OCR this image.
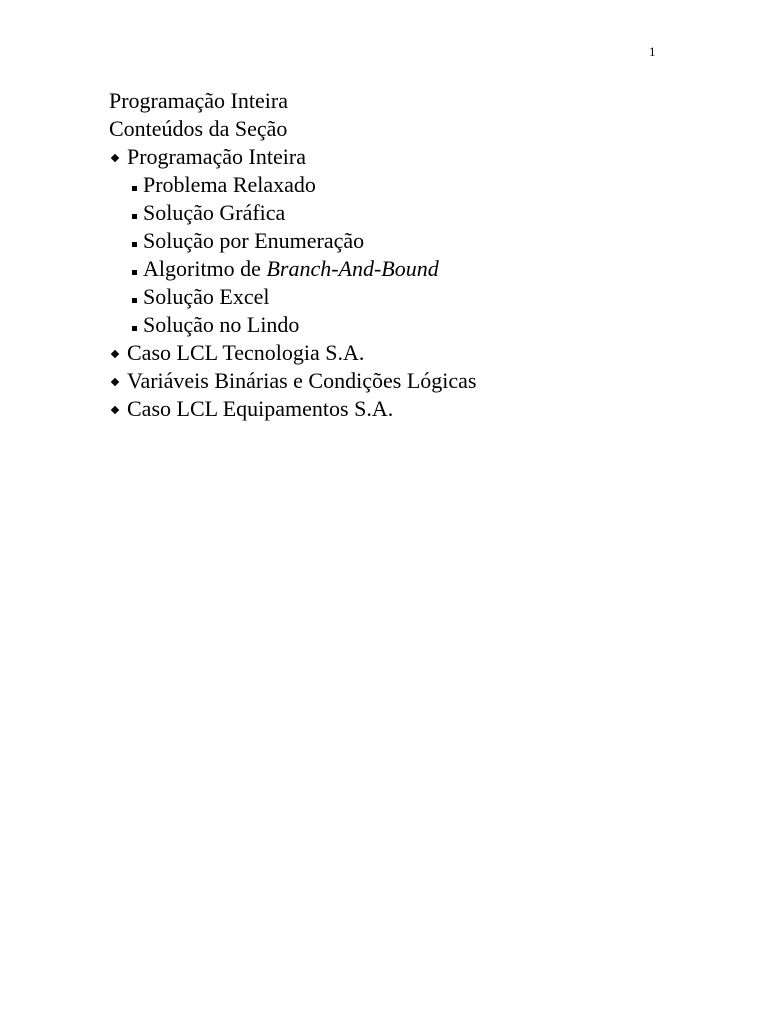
1
Programação Inteira
Conteúdos da Seção
Programação Inteira
Problema Relaxado
Solução Gráfica
Solução por Enumeração
Algoritmo de Branch-And-Bound
Solução Excel
Solução no Lindo
Caso LCL Tecnologia S.A.
Variáveis Binárias e Condições Lógicas
Caso LCL Equipamentos S.A.
